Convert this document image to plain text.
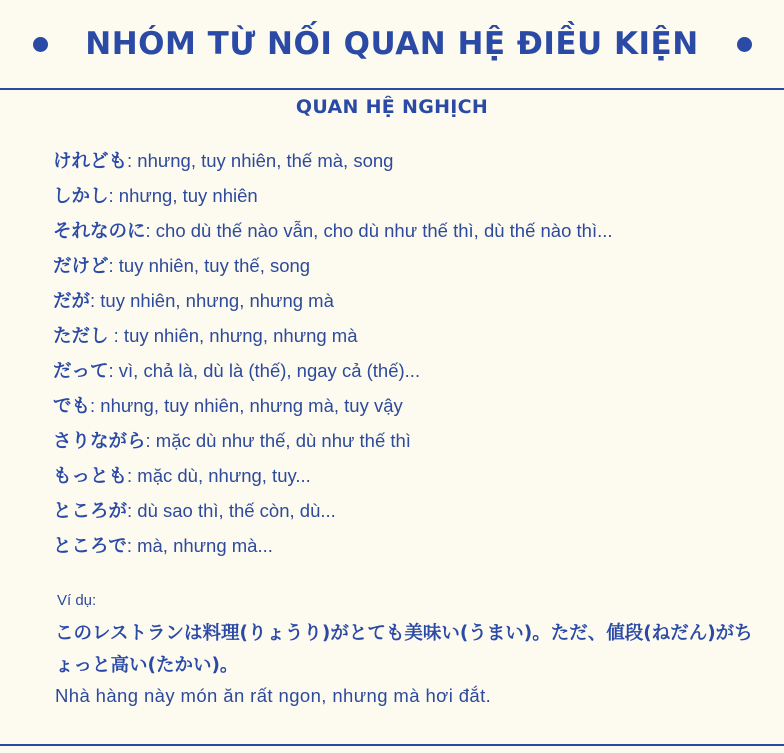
NHÓM TỪ NỐI QUAN HỆ ĐIỀU KIỆN
QUAN HỆ NGHỊCH
けれども: nhưng, tuy nhiên, thế mà, song
しかし: nhưng, tuy nhiên
それなのに: cho dù thế nào vẫn, cho dù như thế thì, dù thế nào thì...
だけど: tuy nhiên, tuy thế, song
だが: tuy nhiên, nhưng, nhưng mà
ただし : tuy nhiên, nhưng, nhưng mà
だって: vì, chả là, dù là (thế), ngay cả (thế)...
でも: nhưng, tuy nhiên, nhưng mà, tuy vậy
さりながら: mặc dù như thế, dù như thế thì
もっとも: mặc dù, nhưng, tuy...
ところが: dù sao thì, thế còn, dù...
ところで: mà, nhưng mà...
Ví dụ:
このレストランは料理(りょうり)がとても美味い(うまい)。ただ、値段(ねだん)がちょっと高い(たかい)。
Nhà hàng này món ăn rất ngon, nhưng mà hơi đắt.
